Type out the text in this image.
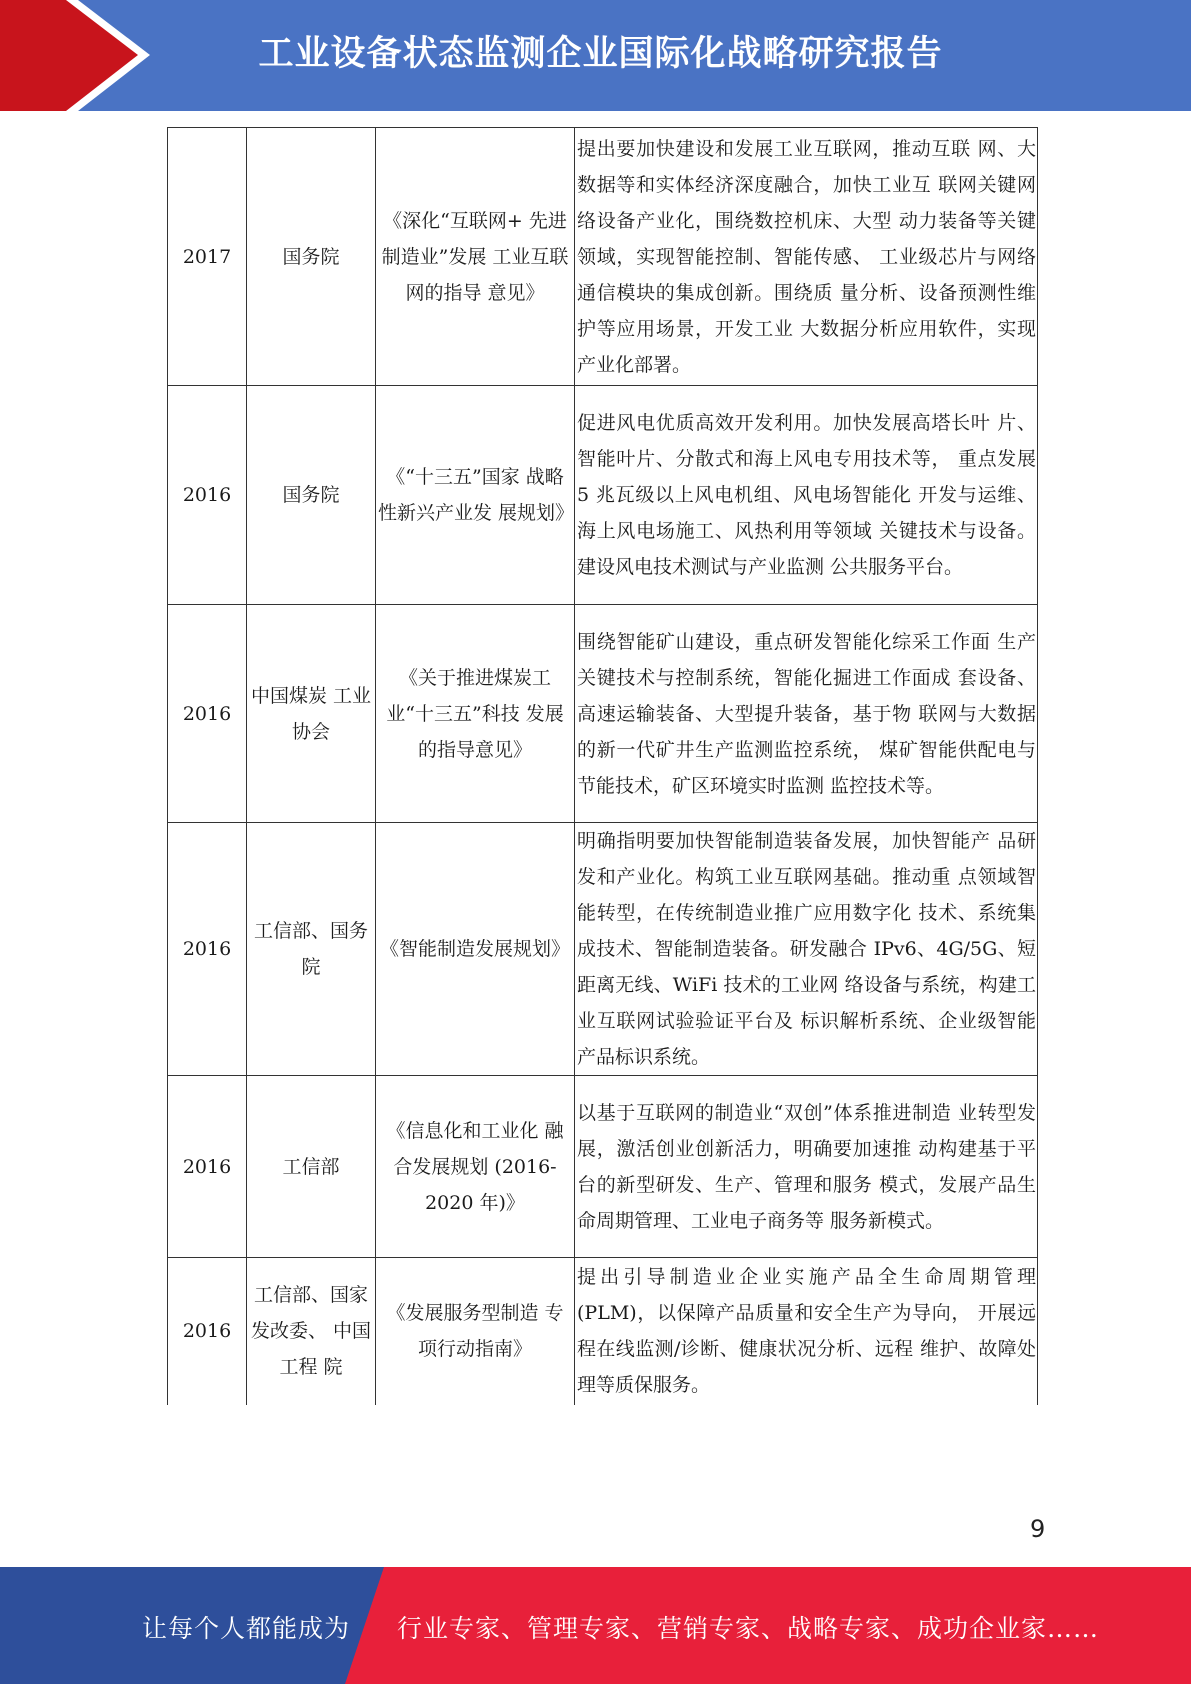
工业设备状态监测企业国际化战略研究报告
2017	国务院	《深化“互联网+ 先进制造业”发展 工业互联网的指导 意见》	提出要加快建设和发展工业互联网，推动互联 网、大数据等和实体经济深度融合，加快工业互 联网关键网络设备产业化，围绕数控机床、大型 动力装备等关键领域，实现智能控制、智能传感、 工业级芯片与网络通信模块的集成创新。围绕质 量分析、设备预测性维护等应用场景，开发工业 大数据分析应用软件，实现产业化部署。
2016	国务院	《“十三五”国家 战略性新兴产业发 展规划》	促进风电优质高效开发利用。加快发展高塔长叶 片、智能叶片、分散式和海上风电专用技术等， 重点发展 5 兆瓦级以上风电机组、风电场智能化 开发与运维、海上风电场施工、风热利用等领域 关键技术与设备。建设风电技术测试与产业监测 公共服务平台。
2016	中国煤炭 工业协会	《关于推进煤炭工 业“十三五”科技 发展的指导意见》	围绕智能矿山建设，重点研发智能化综采工作面 生产关键技术与控制系统，智能化掘进工作面成 套设备、高速运输装备、大型提升装备，基于物 联网与大数据的新一代矿井生产监测监控系统， 煤矿智能供配电与节能技术，矿区环境实时监测 监控技术等。
2016	工信部、国务院	《智能制造发展规划》	明确指明要加快智能制造装备发展，加快智能产 品研发和产业化。构筑工业互联网基础。推动重 点领域智能转型，在传统制造业推广应用数字化 技术、系统集成技术、智能制造装备。研发融合 IPv6、4G/5G、短距离无线、WiFi 技术的工业网 络设备与系统，构建工业互联网试验验证平台及 标识解析系统、企业级智能产品标识系统。
2016	工信部	《信息化和工业化 融合发展规划 (2016-2020 年)》	以基于互联网的制造业“双创”体系推进制造 业转型发展，激活创业创新活力，明确要加速推 动构建基于平台的新型研发、生产、管理和服务 模式，发展产品生命周期管理、工业电子商务等 服务新模式。
2016	工信部、国家发改委、 中国工程 院	《发展服务型制造 专项行动指南》	提出引导制造业企业实施产品全生命周期管理 (PLM)，以保障产品质量和安全生产为导向， 开展远程在线监测/诊断、健康状况分析、远程 维护、故障处理等质保服务。
9
让每个人都能成为 行业专家、管理专家、营销专家、战略专家、成功企业家……
